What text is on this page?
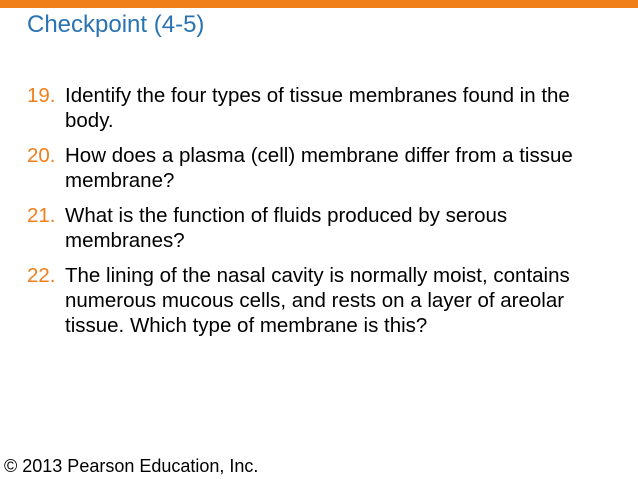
Checkpoint (4-5)
19. Identify the four types of tissue membranes found in the body.
20. How does a plasma (cell) membrane differ from a tissue membrane?
21. What is the function of fluids produced by serous membranes?
22. The lining of the nasal cavity is normally moist, contains numerous mucous cells, and rests on a layer of areolar tissue. Which type of membrane is this?
© 2013 Pearson Education, Inc.
